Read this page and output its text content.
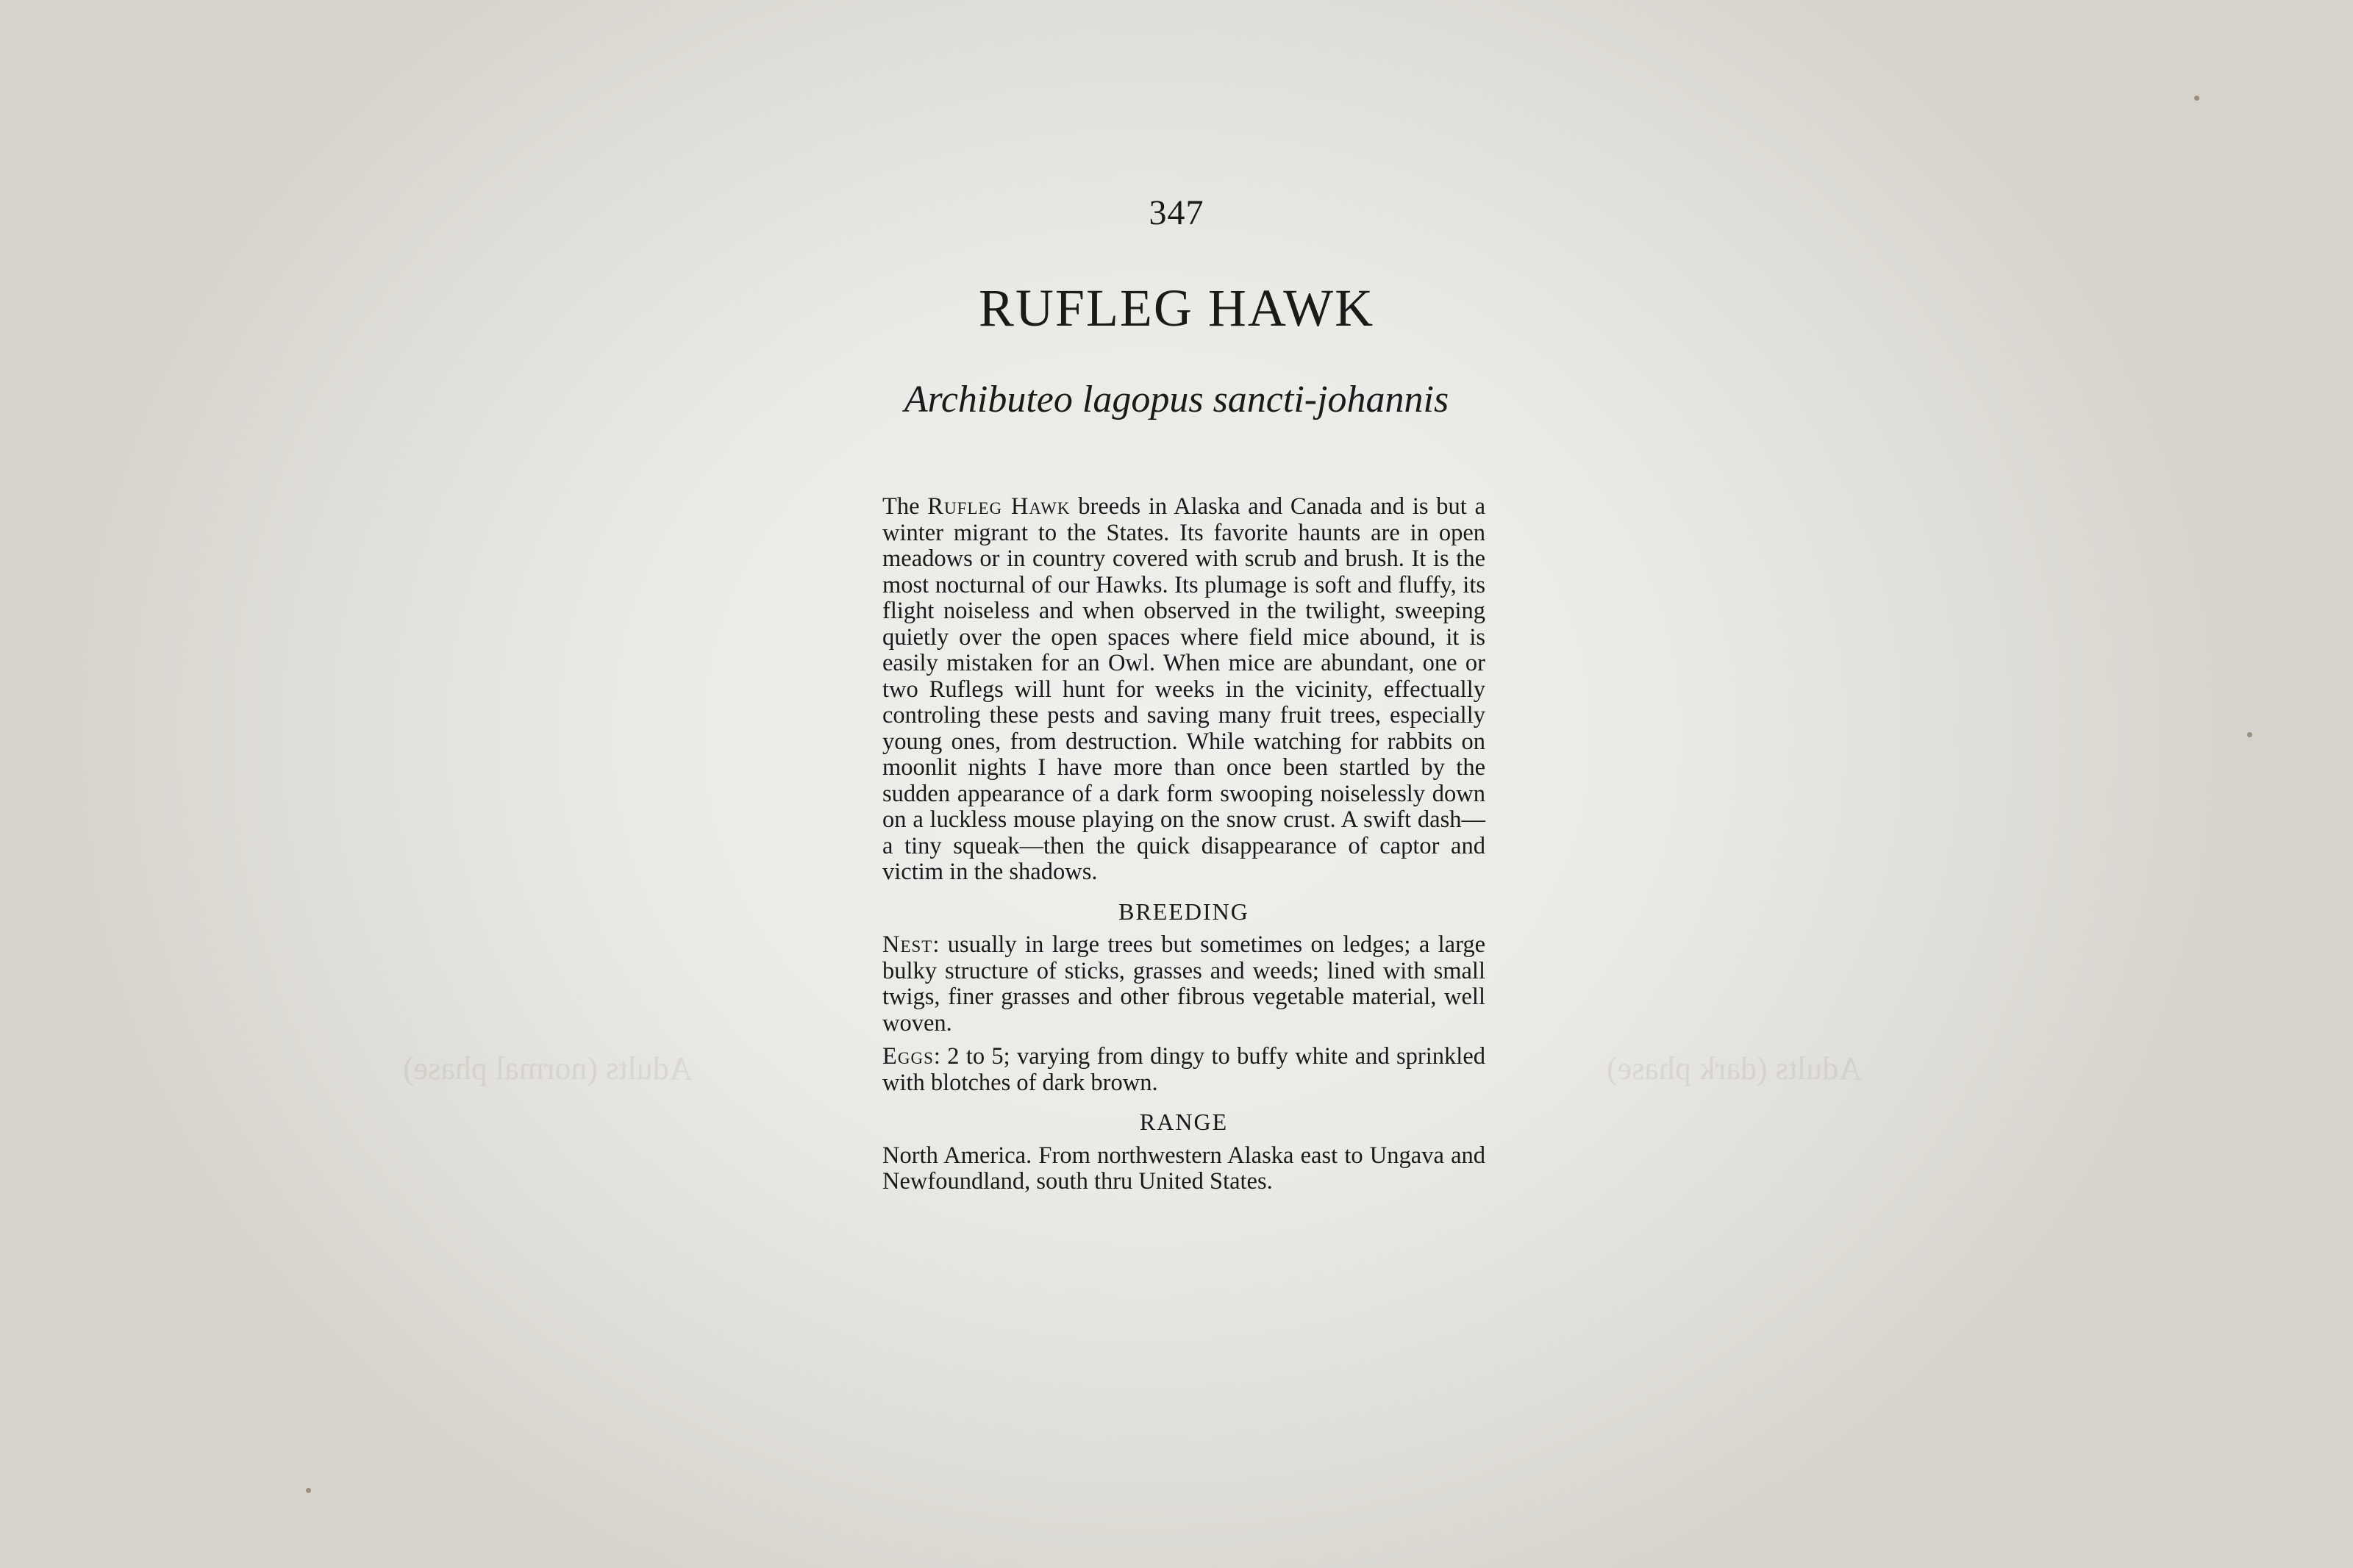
Adults (normal phase)	Adults (dark phase)
347
RUFLEG HAWK
Archibuteo lagopus sancti-johannis

The Rufleg Hawk breeds in Alaska and Canada and is but a winter migrant to the States. Its favorite haunts are in open meadows or in country covered with scrub and brush. It is the most nocturnal of our Hawks. Its plumage is soft and fluffy, its flight noiseless and when observed in the twilight, sweeping quietly over the open spaces where field mice abound, it is easily mistaken for an Owl. When mice are abundant, one or two Ruflegs will hunt for weeks in the vicinity, effectually controling these pests and saving many fruit trees, especially young ones, from destruction. While watching for rabbits on moonlit nights I have more than once been startled by the sudden appearance of a dark form swooping noiselessly down on a luckless mouse playing on the snow crust. A swift dash—a tiny squeak—then the quick disappearance of captor and victim in the shadows.

BREEDING

Nest: usually in large trees but sometimes on ledges; a large bulky structure of sticks, grasses and weeds; lined with small twigs, finer grasses and other fibrous vegetable material, well woven.

Eggs: 2 to 5; varying from dingy to buffy white and sprinkled with blotches of dark brown.

RANGE

North America. From northwestern Alaska east to Ungava and Newfoundland, south thru United States.
